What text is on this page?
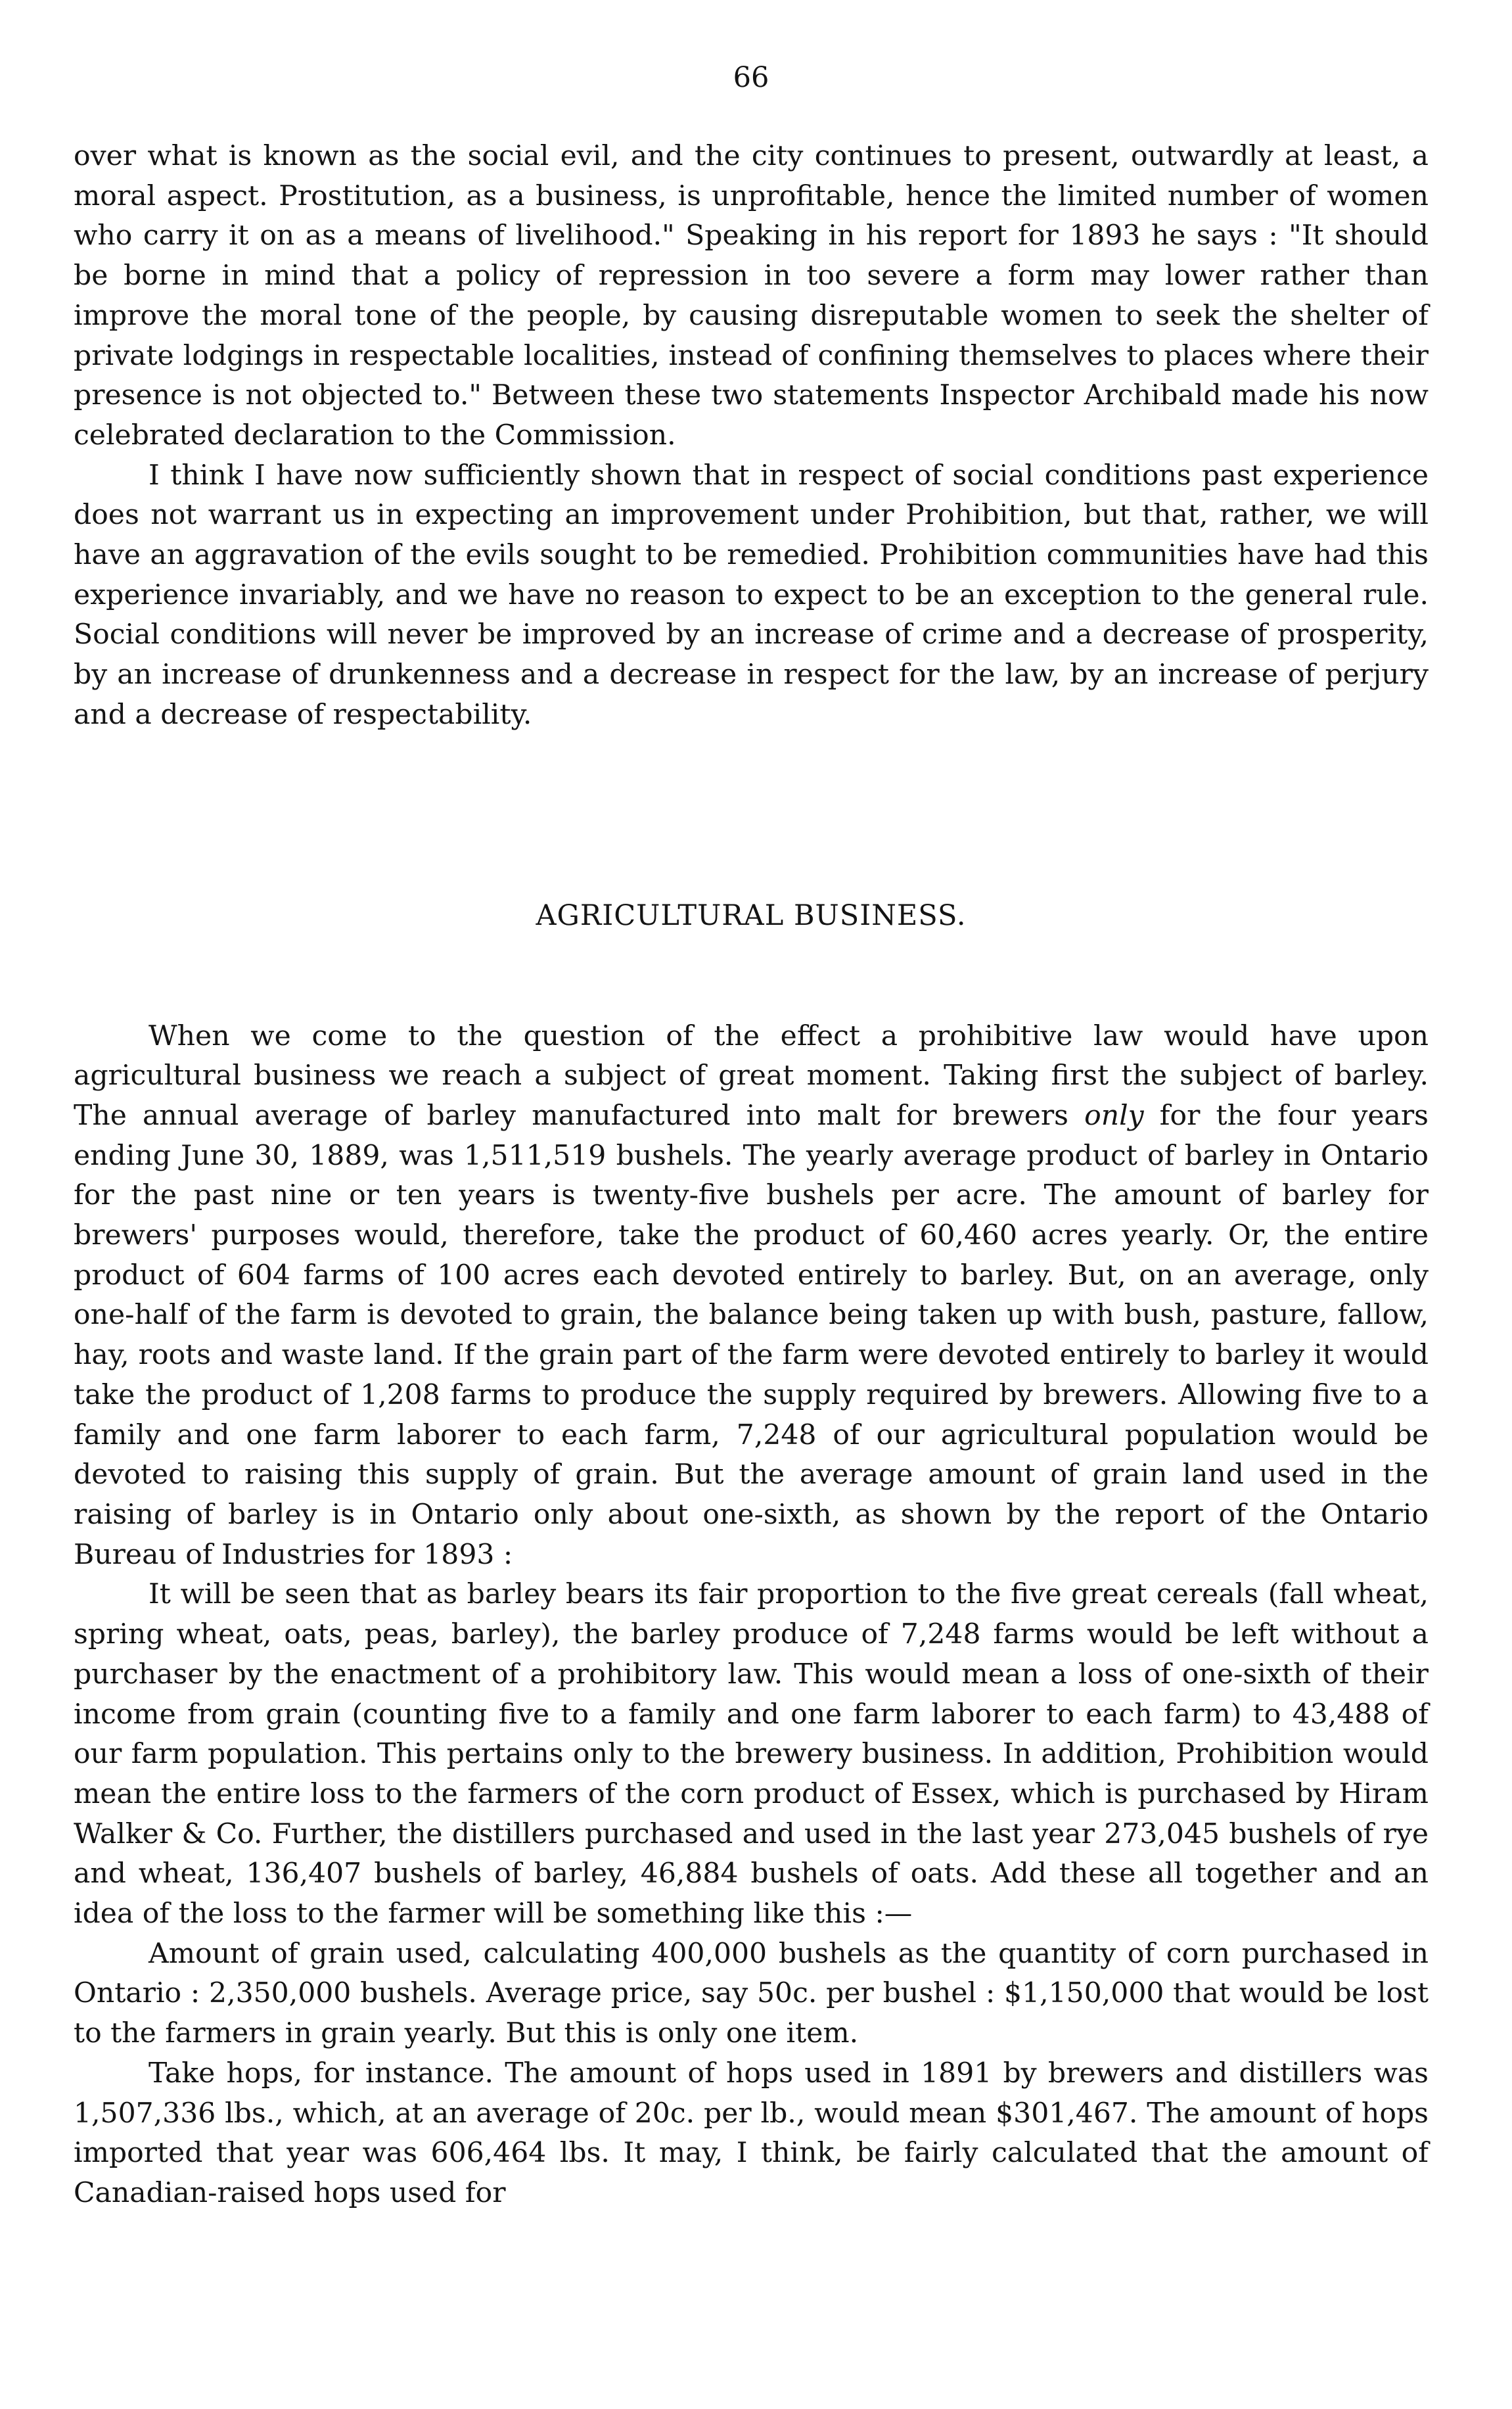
66

over what is known as the social evil, and the city continues to present, outwardly at least, a moral aspect. Prostitution, as a business, is unprofitable, hence the limited number of women who carry it on as a means of livelihood." Speaking in his report for 1893 he says : "It should be borne in mind that a policy of repression in too severe a form may lower rather than improve the moral tone of the people, by causing disreputable women to seek the shelter of private lodgings in respectable localities, instead of confining themselves to places where their presence is not objected to." Between these two statements Inspector Archibald made his now celebrated declaration to the Commission.

I think I have now sufficiently shown that in respect of social conditions past experience does not warrant us in expecting an improvement under Prohibition, but that, rather, we will have an aggravation of the evils sought to be remedied. Prohibition communities have had this experience invariably, and we have no reason to expect to be an exception to the general rule. Social conditions will never be improved by an increase of crime and a decrease of prosperity, by an increase of drunkenness and a decrease in respect for the law, by an increase of perjury and a decrease of respectability.

AGRICULTURAL BUSINESS.

When we come to the question of the effect a prohibitive law would have upon agricultural business we reach a subject of great moment. Taking first the subject of barley. The annual average of barley manufactured into malt for brewers only for the four years ending June 30, 1889, was 1,511,519 bushels. The yearly average product of barley in Ontario for the past nine or ten years is twenty-five bushels per acre. The amount of barley for brewers' purposes would, therefore, take the product of 60,460 acres yearly. Or, the entire product of 604 farms of 100 acres each devoted entirely to barley. But, on an average, only one-half of the farm is devoted to grain, the balance being taken up with bush, pasture, fallow, hay, roots and waste land. If the grain part of the farm were devoted entirely to barley it would take the product of 1,208 farms to produce the supply required by brewers. Allowing five to a family and one farm laborer to each farm, 7,248 of our agricultural population would be devoted to raising this supply of grain. But the average amount of grain land used in the raising of barley is in Ontario only about one-sixth, as shown by the report of the Ontario Bureau of Industries for 1893 :

It will be seen that as barley bears its fair proportion to the five great cereals (fall wheat, spring wheat, oats, peas, barley), the barley produce of 7,248 farms would be left without a purchaser by the enactment of a prohibitory law. This would mean a loss of one-sixth of their income from grain (counting five to a family and one farm laborer to each farm) to 43,488 of our farm population. This pertains only to the brewery business. In addition, Prohibition would mean the entire loss to the farmers of the corn product of Essex, which is purchased by Hiram Walker & Co. Further, the distillers purchased and used in the last year 273,045 bushels of rye and wheat, 136,407 bushels of barley, 46,884 bushels of oats. Add these all together and an idea of the loss to the farmer will be something like this :—

Amount of grain used, calculating 400,000 bushels as the quantity of corn purchased in Ontario : 2,350,000 bushels. Average price, say 50c. per bushel : $1,150,000 that would be lost to the farmers in grain yearly. But this is only one item.

Take hops, for instance. The amount of hops used in 1891 by brewers and distillers was 1,507,336 lbs., which, at an average of 20c. per lb., would mean $301,467. The amount of hops imported that year was 606,464 lbs. It may, I think, be fairly calculated that the amount of Canadian-raised hops used for
